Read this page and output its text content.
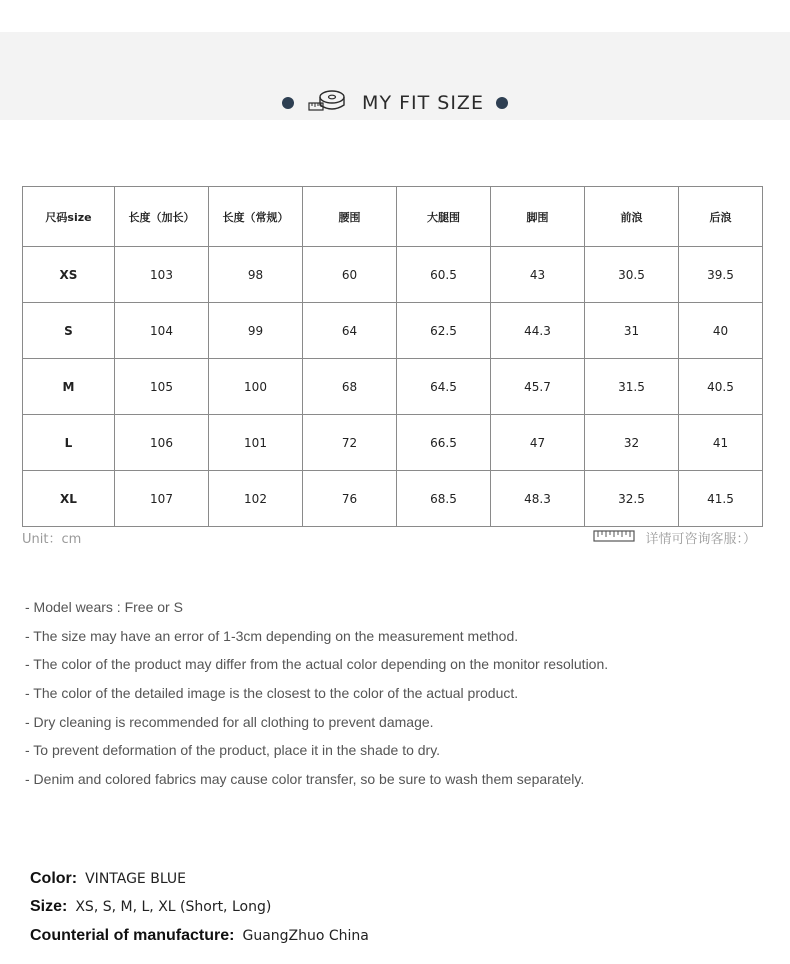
MY FIT SIZE
尺码size	长度（加长）	长度（常规）	腰围	大腿围	脚围	前浪	后浪
XS	103	98	60	60.5	43	30.5	39.5
S	104	99	64	62.5	44.3	31	40
M	105	100	68	64.5	45.7	31.5	40.5
L	106	101	72	66.5	47	32	41
XL	107	102	76	68.5	48.3	32.5	41.5
Unit：cm	详情可咨询客服：）
- Model wears : Free or S
- The size may have an error of 1-3cm depending on the measurement method.
- The color of the product may differ from the actual color depending on the monitor resolution.
- The color of the detailed image is the closest to the color of the actual product.
- Dry cleaning is recommended for all clothing to prevent damage.
- To prevent deformation of the product, place it in the shade to dry.
- Denim and colored fabrics may cause color transfer, so be sure to wash them separately.
Color: VINTAGE BLUE
Size: XS, S, M, L, XL (Short, Long)
Counterial of manufacture: GuangZhuo China
